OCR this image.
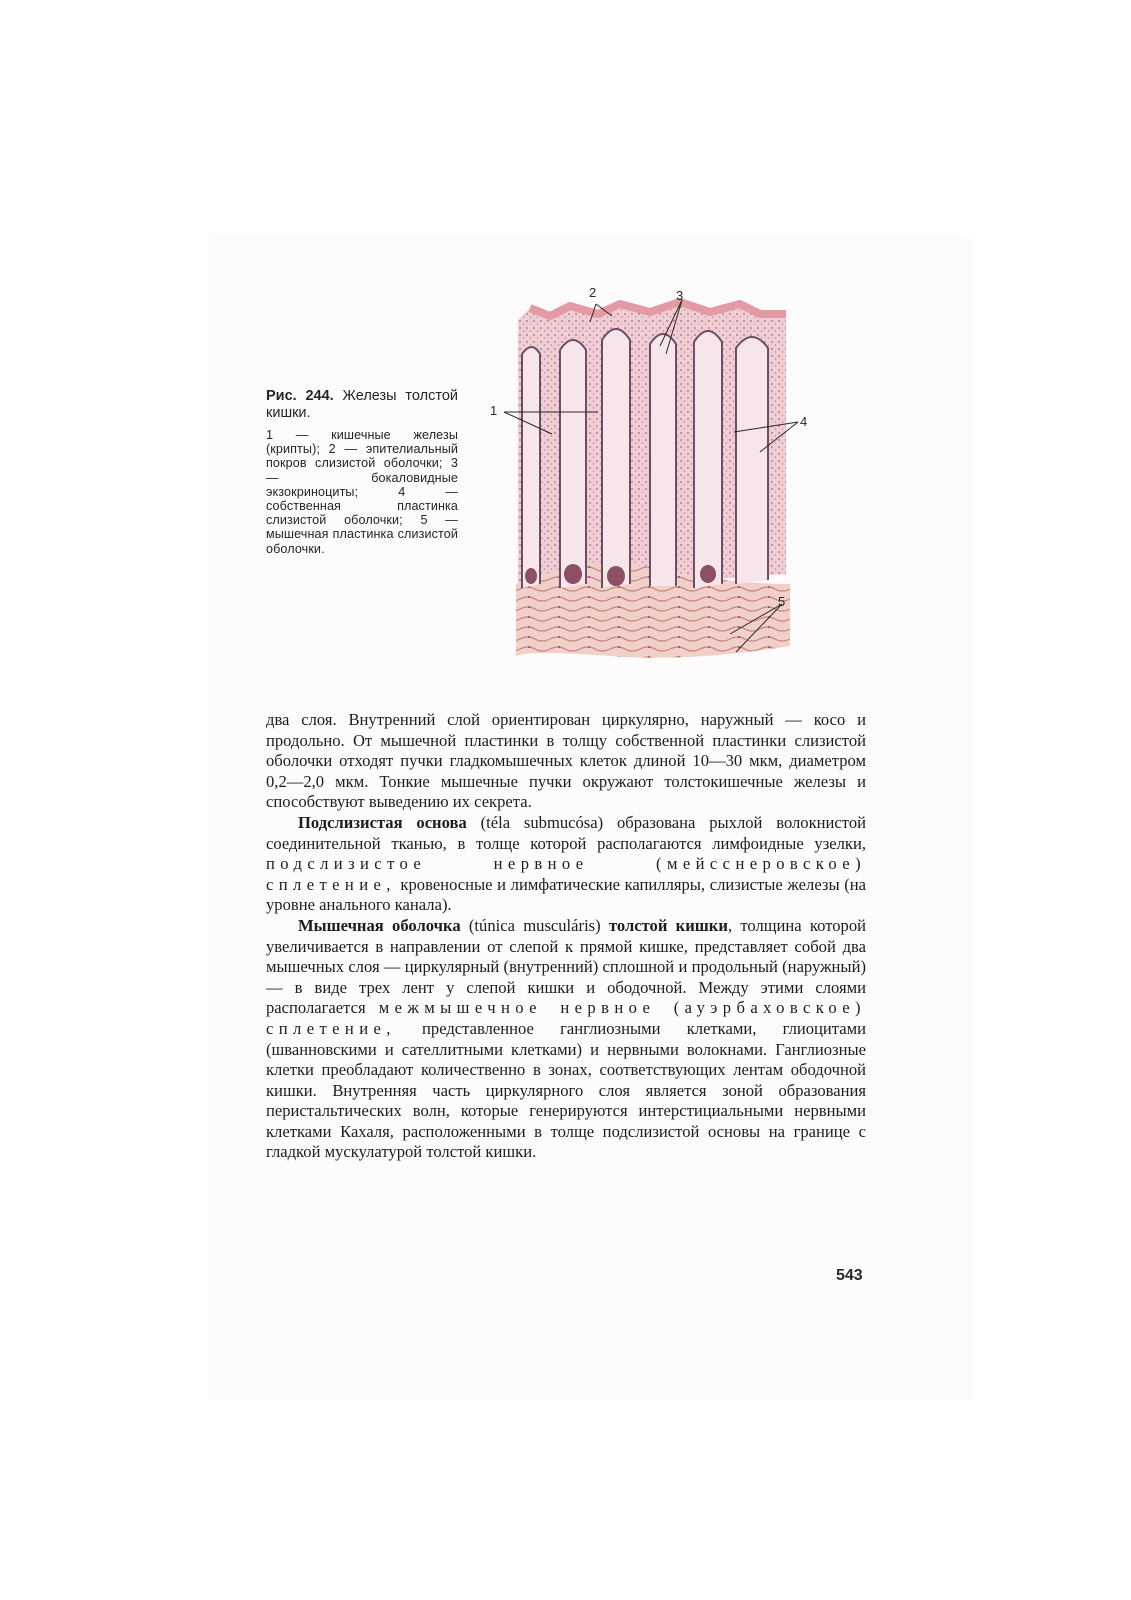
Рис. 244. Железы толстой кишки.
1 — кишечные железы (крипты); 2 — эпителиальный покров слизистой оболочки; 3 — бокаловидные экзокриноциты; 4 — собственная пластинка слизистой оболочки; 5 — мышечная пластинка слизистой оболочки.
1
2	3
4
5

два слоя. Внутренний слой ориентирован циркулярно, наружный — косо и продольно. От мышечной пластинки в толщу собственной пластинки слизистой оболочки отходят пучки гладкомышечных клеток длиной 10—30 мкм, диаметром 0,2—2,0 мкм. Тонкие мышечные пучки окружают толстокишечные железы и способствуют выведению их секрета.

Подслизистая основа (téla submucósa) образована рыхлой волокнистой соединительной тканью, в толще которой располагаются лимфоидные узелки, подслизистое нервное (мейсснеровское) сплетение, кровеносные и лимфатические капилляры, слизистые железы (на уровне анального канала).

Мышечная оболочка (túnica musculáris) толстой кишки, толщина которой увеличивается в направлении от слепой к прямой кишке, представляет собой два мышечных слоя — циркулярный (внутренний) сплошной и продольный (наружный) — в виде трех лент у слепой кишки и ободочной. Между этими слоями располагается межмышечное нервное (ауэрбаховское) сплетение, представленное ганглиозными клетками, глиоцитами (шванновскими и сателлитными клетками) и нервными волокнами. Ганглиозные клетки преобладают количественно в зонах, соответствующих лентам ободочной кишки. Внутренняя часть циркулярного слоя является зоной образования перистальтических волн, которые генерируются интерстициальными нервными клетками Кахаля, расположенными в толще подслизистой основы на границе с гладкой мускулатурой толстой кишки.

543
